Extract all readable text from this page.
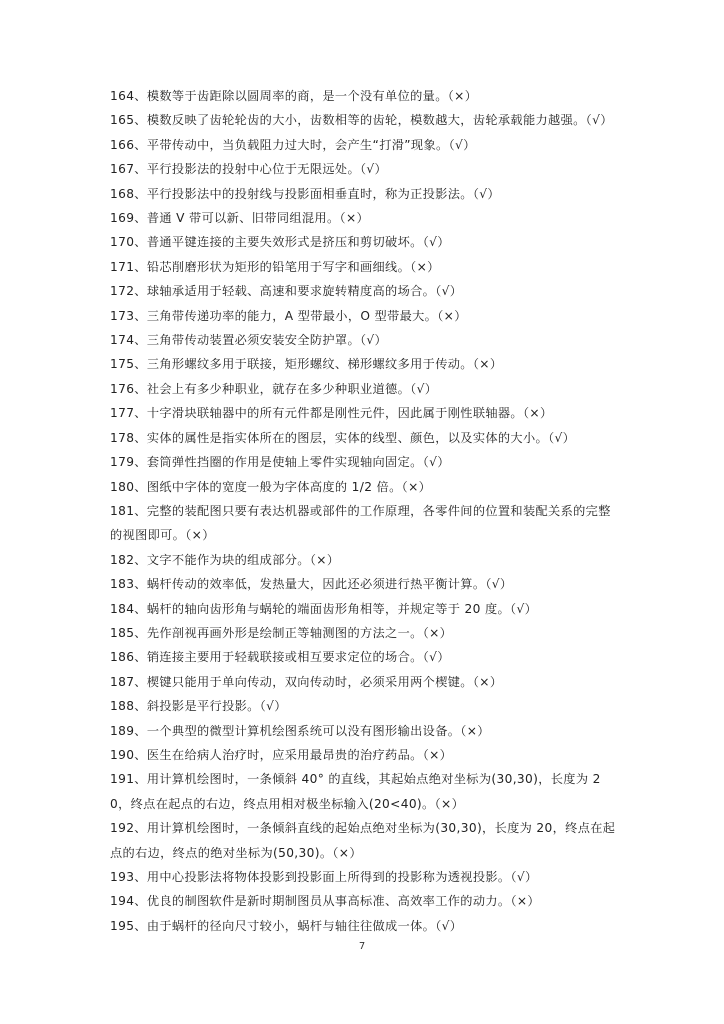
164、模数等于齿距除以圆周率的商，是一个没有单位的量。（×）
165、模数反映了齿轮轮齿的大小，齿数相等的齿轮，模数越大，齿轮承载能力越强。（√）
166、平带传动中，当负载阻力过大时，会产生“打滑”现象。（√）
167、平行投影法的投射中心位于无限远处。（√）
168、平行投影法中的投射线与投影面相垂直时，称为正投影法。（√）
169、普通 V 带可以新、旧带同组混用。（×）
170、普通平键连接的主要失效形式是挤压和剪切破坏。（√）
171、铅芯削磨形状为矩形的铅笔用于写字和画细线。（×）
172、球轴承适用于轻载、高速和要求旋转精度高的场合。（√）
173、三角带传递功率的能力，A 型带最小，O 型带最大。（×）
174、三角带传动装置必须安装安全防护罩。（√）
175、三角形螺纹多用于联接，矩形螺纹、梯形螺纹多用于传动。（×）
176、社会上有多少种职业，就存在多少种职业道德。（√）
177、十字滑块联轴器中的所有元件都是刚性元件，因此属于刚性联轴器。（×）
178、实体的属性是指实体所在的图层，实体的线型、颜色，以及实体的大小。（√）
179、套筒弹性挡圈的作用是使轴上零件实现轴向固定。（√）
180、图纸中字体的宽度一般为字体高度的 1/2 倍。（×）
181、完整的装配图只要有表达机器或部件的工作原理，各零件间的位置和装配关系的完整的视图即可。（×）
182、文字不能作为块的组成部分。（×）
183、蜗杆传动的效率低，发热量大，因此还必须进行热平衡计算。（√）
184、蜗杆的轴向齿形角与蜗轮的端面齿形角相等，并规定等于 20 度。（√）
185、先作剖视再画外形是绘制正等轴测图的方法之一。（×）
186、销连接主要用于轻载联接或相互要求定位的场合。（√）
187、楔键只能用于单向传动，双向传动时，必须采用两个楔键。（×）
188、斜投影是平行投影。（√）
189、一个典型的微型计算机绘图系统可以没有图形输出设备。（×）
190、医生在给病人治疗时，应采用最昂贵的治疗药品。（×）
191、用计算机绘图时，一条倾斜 40° 的直线，其起始点绝对坐标为(30,30)，长度为 20，终点在起点的右边，终点用相对极坐标输入(20<40)。（×）
192、用计算机绘图时，一条倾斜直线的起始点绝对坐标为(30,30)，长度为 20，终点在起点的右边，终点的绝对坐标为(50,30)。（×）
193、用中心投影法将物体投影到投影面上所得到的投影称为透视投影。（√）
194、优良的制图软件是新时期制图员从事高标准、高效率工作的动力。（×）
195、由于蜗杆的径向尺寸较小，蜗杆与轴往往做成一体。（√）
7
